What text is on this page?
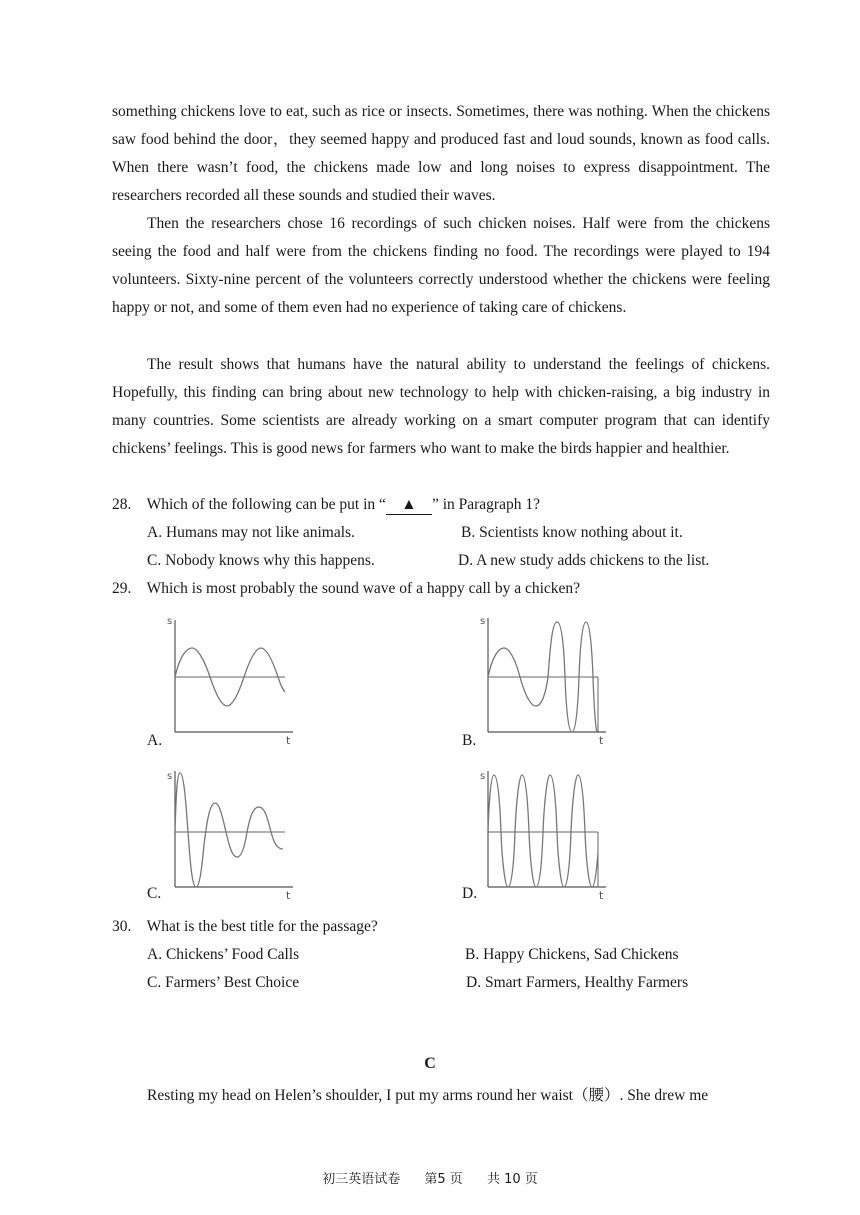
something chickens love to eat, such as rice or insects. Sometimes, there was nothing. When the chickens saw food behind the door，they seemed happy and produced fast and loud sounds, known as food calls. When there wasn’t food, the chickens made low and long noises to express disappointment. The researchers recorded all these sounds and studied their waves.

Then the researchers chose 16 recordings of such chicken noises. Half were from the chickens seeing the food and half were from the chickens finding no food. The recordings were played to 194 volunteers. Sixty-nine percent of the volunteers correctly understood whether the chickens were feeling happy or not, and some of them even had no experience of taking care of chickens.

The result shows that humans have the natural ability to understand the feelings of chickens. Hopefully, this finding can bring about new technology to help with chicken-raising, a big industry in many countries. Some scientists are already working on a smart computer program that can identify chickens’ feelings. This is good news for farmers who want to make the birds happier and healthier.

28. Which of the following can be put in “ ▲ ” in Paragraph 1?
A. Humans may not like animals.	B. Scientists know nothing about it.
C. Nobody knows why this happens.	D. A new study adds chickens to the list.
29. Which is most probably the sound wave of a happy call by a chicken?
s
t
A.
s
t
B.
s
t
C.
s
t
D.
30. What is the best title for the passage?
A. Chickens’ Food Calls	B. Happy Chickens, Sad Chickens
C. Farmers’ Best Choice	D. Smart Farmers, Healthy Farmers
C
Resting my head on Helen’s shoulder, I put my arms round her waist（腰）. She drew me
初三英语试卷 第5 页 共 10 页
